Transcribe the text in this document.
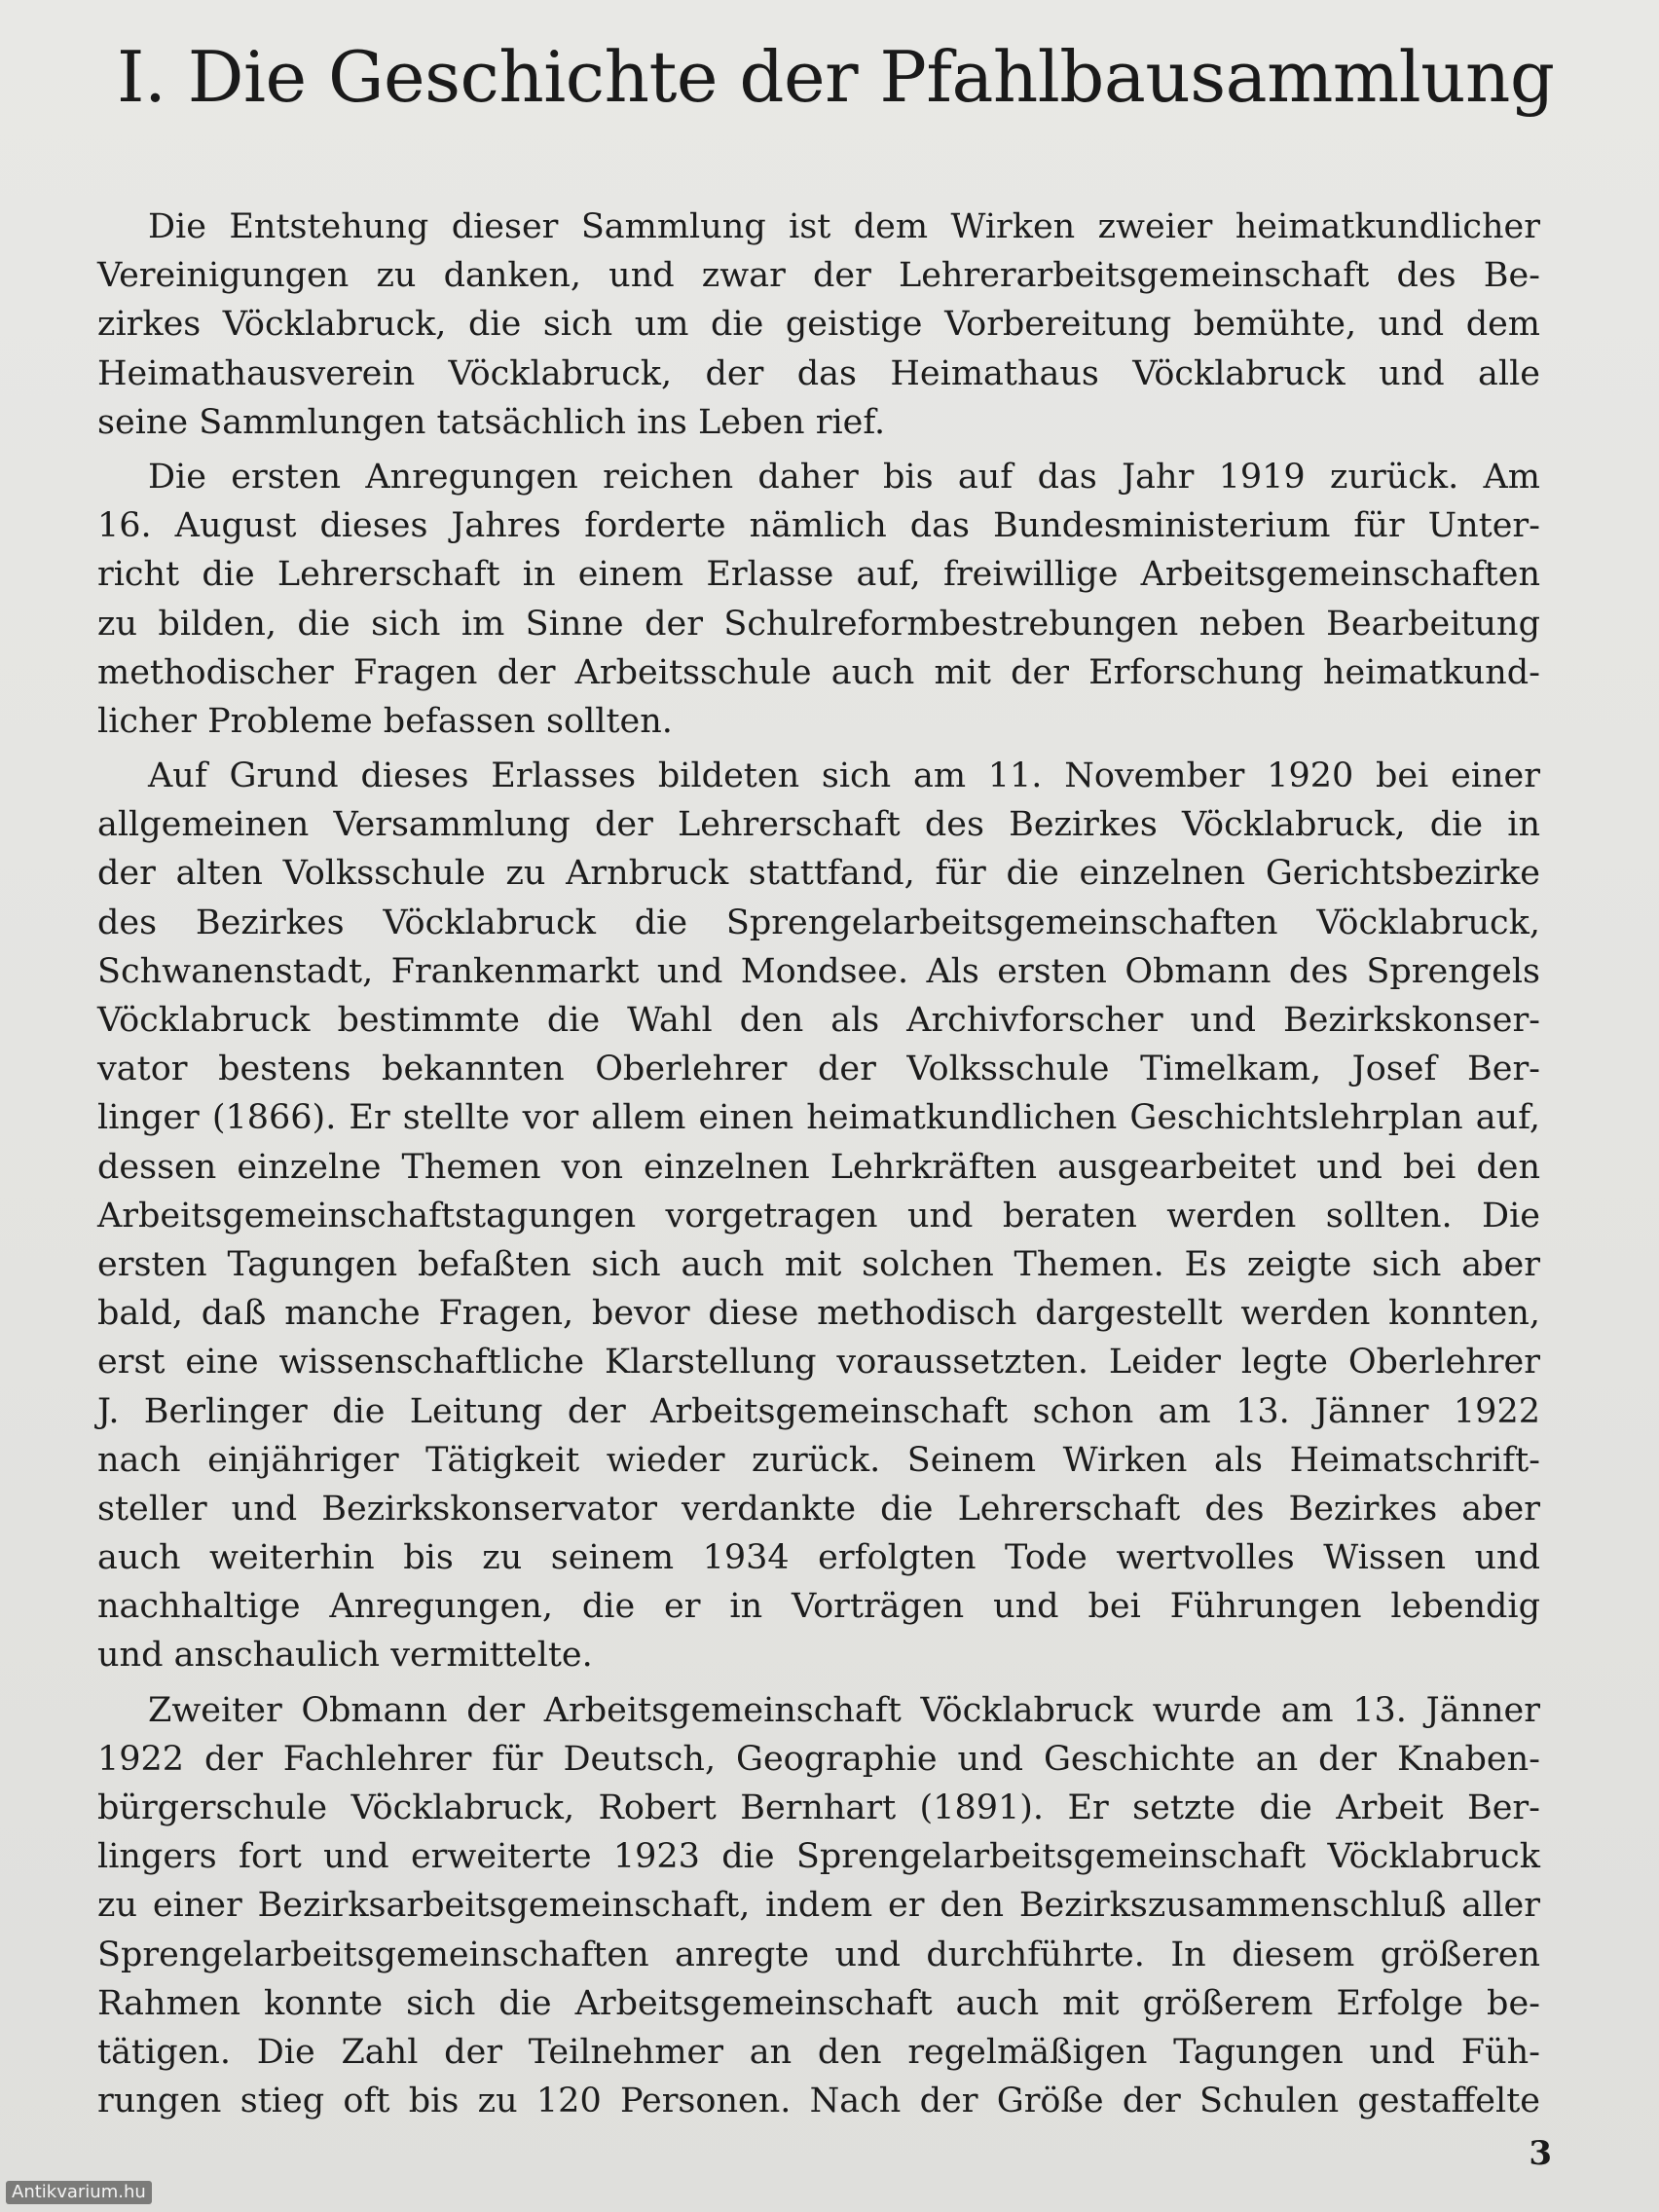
I. Die Geschichte der Pfahlbausammlung
Die Entstehung dieser Sammlung ist dem Wirken zweier heimatkundlicher
Vereinigungen zu danken, und zwar der Lehrerarbeitsgemeinschaft des Be-
zirkes Vöcklabruck, die sich um die geistige Vorbereitung bemühte, und dem
Heimathausverein Vöcklabruck, der das Heimathaus Vöcklabruck und alle
seine Sammlungen tatsächlich ins Leben rief.
Die ersten Anregungen reichen daher bis auf das Jahr 1919 zurück. Am
16. August dieses Jahres forderte nämlich das Bundesministerium für Unter-
richt die Lehrerschaft in einem Erlasse auf, freiwillige Arbeitsgemeinschaften
zu bilden, die sich im Sinne der Schulreformbestrebungen neben Bearbeitung
methodischer Fragen der Arbeitsschule auch mit der Erforschung heimatkund-
licher Probleme befassen sollten.
Auf Grund dieses Erlasses bildeten sich am 11. November 1920 bei einer
allgemeinen Versammlung der Lehrerschaft des Bezirkes Vöcklabruck, die in
der alten Volksschule zu Arnbruck stattfand, für die einzelnen Gerichtsbezirke
des Bezirkes Vöcklabruck die Sprengelarbeitsgemeinschaften Vöcklabruck,
Schwanenstadt, Frankenmarkt und Mondsee. Als ersten Obmann des Sprengels
Vöcklabruck bestimmte die Wahl den als Archivforscher und Bezirkskonser-
vator bestens bekannten Oberlehrer der Volksschule Timelkam, Josef Ber-
linger (1866). Er stellte vor allem einen heimatkundlichen Geschichtslehrplan auf,
dessen einzelne Themen von einzelnen Lehrkräften ausgearbeitet und bei den
Arbeitsgemeinschaftstagungen vorgetragen und beraten werden sollten. Die
ersten Tagungen befaßten sich auch mit solchen Themen. Es zeigte sich aber
bald, daß manche Fragen, bevor diese methodisch dargestellt werden konnten,
erst eine wissenschaftliche Klarstellung voraussetzten. Leider legte Oberlehrer
J. Berlinger die Leitung der Arbeitsgemeinschaft schon am 13. Jänner 1922
nach einjähriger Tätigkeit wieder zurück. Seinem Wirken als Heimatschrift-
steller und Bezirkskonservator verdankte die Lehrerschaft des Bezirkes aber
auch weiterhin bis zu seinem 1934 erfolgten Tode wertvolles Wissen und
nachhaltige Anregungen, die er in Vorträgen und bei Führungen lebendig
und anschaulich vermittelte.
Zweiter Obmann der Arbeitsgemeinschaft Vöcklabruck wurde am 13. Jänner
1922 der Fachlehrer für Deutsch, Geographie und Geschichte an der Knaben-
bürgerschule Vöcklabruck, Robert Bernhart (1891). Er setzte die Arbeit Ber-
lingers fort und erweiterte 1923 die Sprengelarbeitsgemeinschaft Vöcklabruck
zu einer Bezirksarbeitsgemeinschaft, indem er den Bezirkszusammenschluß aller
Sprengelarbeitsgemeinschaften anregte und durchführte. In diesem größeren
Rahmen konnte sich die Arbeitsgemeinschaft auch mit größerem Erfolge be-
tätigen. Die Zahl der Teilnehmer an den regelmäßigen Tagungen und Füh-
rungen stieg oft bis zu 120 Personen. Nach der Größe der Schulen gestaffelte
3
Antikvarium.hu
